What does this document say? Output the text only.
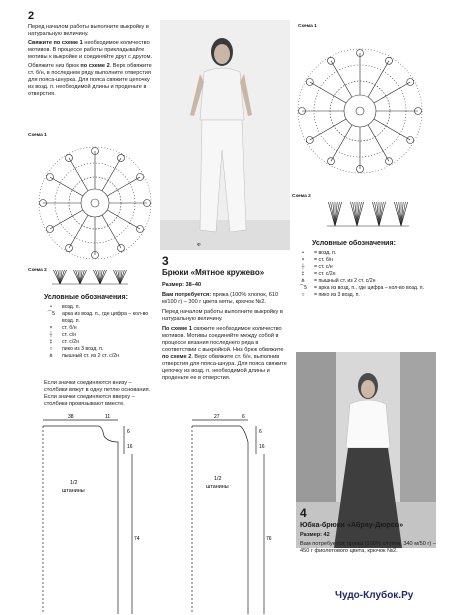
2
Перед началом работы выполните выкройку в натуральную величину.
Свяжите по схеме 1 необходимое количество мотивов. В процессе работы прикладывайте мотивы к выкройке и соединяйте друг с другом.
Обвяжите низ брюк по схеме 2. Верх обвяжите ст. б/н, в последнем ряду выполните отверстия для пояса-шнурка. Для пояса свяжите цепочку из возд. п. необходимой длины и проденьте в отверстия.
Схема 1
Схема 2
Условные обозначения:
•	возд. п.
⌒5	арка из возд. п., где цифра – кол-во возд. п.
×	ст. б/н
┼	ст. с/н
‡	ст. с/2н
○	пико из 3 возд. п.
⋔	пышный ст. из 2 ст. с/2н
Если значки соединяются внизу – столбики вяжут в одну петлю основания. Если значки соединяются вверху – столбики провязывают вместе.
38	11
6
16
74
1/2
штанины
Ф
3
Брюки «Мятное кружево»
Размер: 38–40
Вам потребуется: пряжа (100% хлопок, 610 м/100 г) – 300 г цвета мяты, крючок №2.
Перед началом работы выполните выкройку в натуральную величину.
По схеме 1 свяжите необходимое количество мотивов. Мотивы соединяйте между собой в процессе вязания последнего ряда в соответствии с выкройкой. Низ брюк обвяжите по схеме 2. Верх обвяжите ст. б/н, выполнив отверстия для пояса-шнура. Для пояса свяжите цепочку из возд. п. необходимой длины и проденьте ее в отверстия.
27	6
6
16
76
1/2
штанины
Схема 1
Схема 2
Условные обозначения:
•	= возд. п.
×	= ст. б/н
┼	= ст. с/н
‡	= ст. с/2н
⋔	= пышный ст. из 2 ст. с/2н
⌒5	= арка из возд. п., где цифра – кол-во возд. п.
○	= пико из 3 возд. п.
4
Юбка-брюки «Абрау-Дюрсо»
Размер: 42
Вам потребуется: пряжа (100% хлопок, 340 м/50 г) – 450 г фиолетового цвета, крючок №2.
Чудо-Клубок.Ру
